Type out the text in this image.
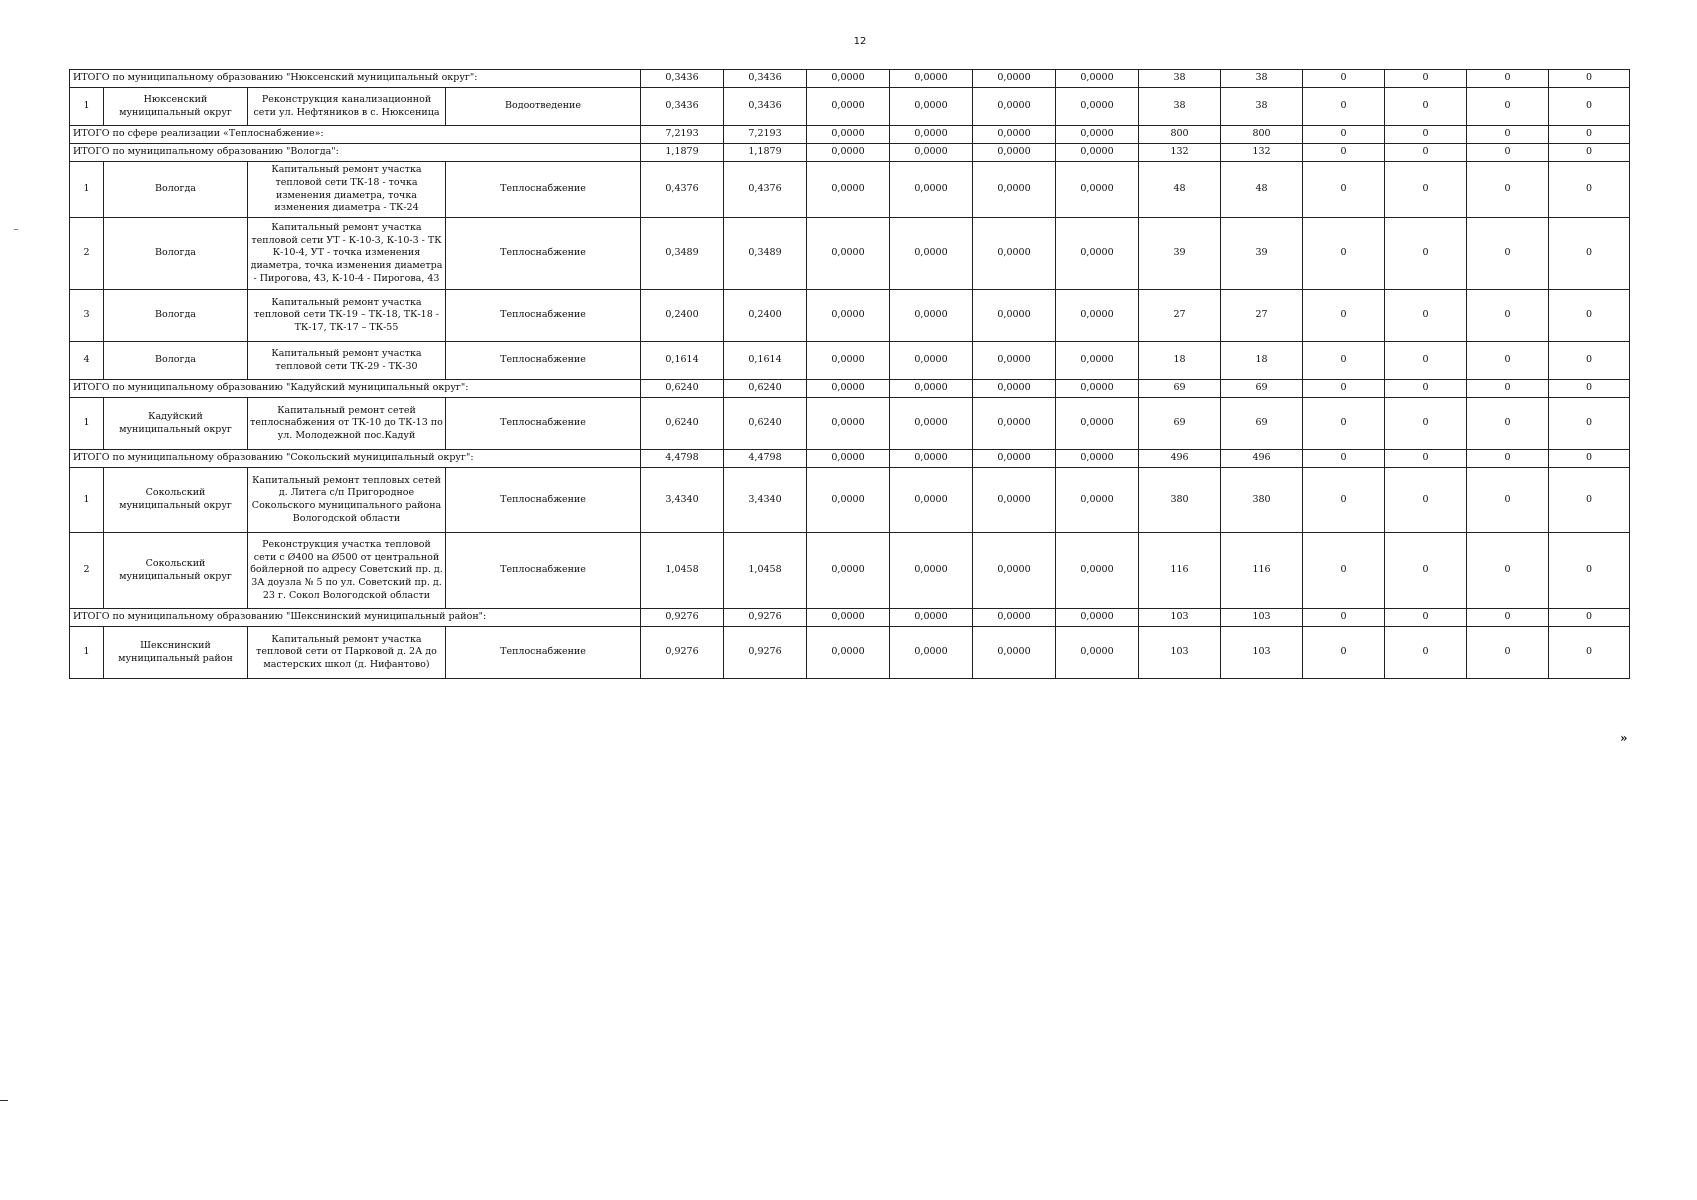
12
ИТОГО по муниципальному образованию "Нюксенский муниципальный округ":				0,3436	0,3436	0,0000	0,0000	0,0000	0,0000	38	38	0	0	0	0
1	Нюксенский муниципальный округ	Реконструкция канализационной сети ул. Нефтяников в с. Нюксеница	Водоотведение	0,3436	0,3436	0,0000	0,0000	0,0000	0,0000	38	38	0	0	0	0
ИТОГО по сфере реализации «Теплоснабжение»:				7,2193	7,2193	0,0000	0,0000	0,0000	0,0000	800	800	0	0	0	0
ИТОГО по муниципальному образованию "Вологда":				1,1879	1,1879	0,0000	0,0000	0,0000	0,0000	132	132	0	0	0	0
1	Вологда	Капитальный ремонт участка тепловой сети ТК-18 - точка изменения диаметра, точка изменения диаметра - ТК-24	Теплоснабжение	0,4376	0,4376	0,0000	0,0000	0,0000	0,0000	48	48	0	0	0	0
2	Вологда	Капитальный ремонт участка тепловой сети УТ - К-10-3, К-10-3 - ТК К-10-4, УТ - точка изменения диаметра, точка изменения диаметра - Пирогова, 43, К-10-4 - Пирогова, 43	Теплоснабжение	0,3489	0,3489	0,0000	0,0000	0,0000	0,0000	39	39	0	0	0	0
3	Вологда	Капитальный ремонт участка тепловой сети ТК-19 – ТК-18, ТК-18 - ТК-17, ТК-17 – ТК-55	Теплоснабжение	0,2400	0,2400	0,0000	0,0000	0,0000	0,0000	27	27	0	0	0	0
4	Вологда	Капитальный ремонт участка тепловой сети ТК-29 - ТК-30	Теплоснабжение	0,1614	0,1614	0,0000	0,0000	0,0000	0,0000	18	18	0	0	0	0
ИТОГО по муниципальному образованию "Кадуйский муниципальный округ":				0,6240	0,6240	0,0000	0,0000	0,0000	0,0000	69	69	0	0	0	0
1	Кадуйский муниципальный округ	Капитальный ремонт сетей теплоснабжения от ТК-10 до ТК-13 по ул. Молодежной пос.Кадуй	Теплоснабжение	0,6240	0,6240	0,0000	0,0000	0,0000	0,0000	69	69	0	0	0	0
ИТОГО по муниципальному образованию "Сокольский муниципальный округ":				4,4798	4,4798	0,0000	0,0000	0,0000	0,0000	496	496	0	0	0	0
1	Сокольский муниципальный округ	Капитальный ремонт тепловых сетей д. Литега с/п Пригородное Сокольского муниципального района Вологодской области	Теплоснабжение	3,4340	3,4340	0,0000	0,0000	0,0000	0,0000	380	380	0	0	0	0
2	Сокольский муниципальный округ	Реконструкция участка тепловой сети с Ø400 на Ø500 от центральной бойлерной по адресу Советский пр. д. 3А доузла № 5 по ул. Советский пр. д. 23 г. Сокол Вологодской области	Теплоснабжение	1,0458	1,0458	0,0000	0,0000	0,0000	0,0000	116	116	0	0	0	0
ИТОГО по муниципальному образованию "Шекснинский муниципальный район":				0,9276	0,9276	0,0000	0,0000	0,0000	0,0000	103	103	0	0	0	0
1	Шекснинский муниципальный район	Капитальный ремонт участка тепловой сети от Парковой д. 2А до мастерских школ (д. Нифантово)	Теплоснабжение	0,9276	0,9276	0,0000	0,0000	0,0000	0,0000	103	103	0	0	0	0
»
